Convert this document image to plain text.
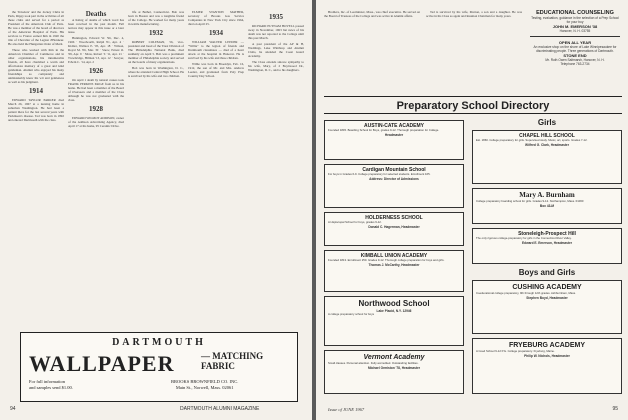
the Travelers' and the Jockey Clubs in Paris, Rippy took part in the activities of all these clubs and served for a period as President of the American Club of Paris. He was a member of the board of directors of the American Hospital of Paris. His services to France earned him in 1920 the title of Chevalier of the Legion d'Honneur. He also held the Hungarian Order of Merit.

Those who worked with him in the American Chamber of Commerce and in other organizations, his innumerable friends, all have cherished a warm and affectionate memory of a great and kind gentleman. Alumni who enjoyed his many friendships so completely and unmistakably knew his wit and gentleness as well as his judgment.

1914

EDWARD TAYLOR PARKER died March 26, 1967 at a nursing home in suburban Washington. He had been a patient there for the last several years with Parkinson's disease. Ted was born in 1892 and entered Dartmouth with the class.

Deaths

A listing of deaths of which word has been received in the past month. Full notices may appear in this issue or a later issue.

Huntington, Edward W. '96, Dec. 4, 1966 · Woodworth, Ralph '01, Apr. 4 · Kidder, Wallace E. '05, Apr. 18 · Wilson, Royal M. '06, Mar. 30 · Snow, Ernest O. '09, Apr. 9 · Shaw, Robert T. '11, Apr. 21 · Trowbridge, Hilman '13, Apr. 12 · Sawyer, Edwin C. '14, Apr. 2

1926

On April 1 death by natural causes took FRANK PERKINS PAIGE from us in his home. He had been a member of the Board of Overseers and a member of the Class although he was not graduated with the class.

1928

EDWARD WILMOT ADDISON, owner of the Addison Advertising Agency, died April 17 at his home, 95 Ceramic Drive.

life at Bethel, Connecticut. Bob was born in Boston and was a longtime friend of the College. He worked for many years in textile manufacturing.

1932

ROBERT COLEMAN, 56, vice-president and head of the Trust Division of The Philadelphia National Bank, died suddenly on April 5. Bob was a prominent member of Philadelphia society and served on the boards of many organizations.

Bob was born in Washington, D. C., where he attended Central High School. He is survived by his wife and two children.

ELMER STANTON MATHER, secretary of Brooks Gas Service Companies in New York City since 1964, died on April 25.

1934

WILLIAM WALTER LEEDER — "Willie" to the legion of friends and Dartmouth classmates — died of a heart attack at the hospital in Hanover. He is survived by his wife and three children.

Willie was born in Brooklyn, Feb. 16, 1912, the son of Mr. and Mrs. Andrew Leeder, and graduated from Poly Prep Country Day School.

1935

RICHARD PUTNAM HOVELL passed away in November, 1963 but news of his death was not reported to the College until this past March.

A past president of the AP & H, Weddings, Lake Winthrop and Alumni Clubs, he attended the Coast Guard Academy.

The Class extends sincere sympathy to his wife, Mary, of 2 Boynwood Dr., Washington, D. C., and to his daughters.

DARTMOUTH
WALLPAPER	— MATCHING FABRIC
For full information
and samples send $1.00.
BROOKS BROWNFIELD CO. INC.
Main St., Norwell, Mass. 02061
94	DARTMOUTH ALUMNI MAGAZINE

Brothers, Inc. of Leominster, Mass., was chief executive. He served on the Board of Trustees of the College and was active in Alumni affairs.

Ted is survived by his wife, Marion, a son and a daughter. He was active in his Class as agent and Reunion Chairman for many years.	EDUCATIONAL COUNSELING
Testing, evaluation, guidance in the selection of a Prep School for your boy
JOHN M. EMERSON '38
Hanover, N. H. 03755
OPEN ALL YEAR
An exclusive shop on the shore of Lake Winnipesaukee for discriminating people. Three generations of Dartmouth.
STONE END
Mr. Ruth Owen Saltmarsh, Hanover, N. H.
Telephone 763-2734
Preparatory School Directory
AUSTIN-CATE ACADEMY
Founded 1845. Boarding School for Boys, grades 9-12. Thorough preparation for College.
Headmaster
Cardigan Mountain School
For boys in Grades 6-9. College preparatory for selected students. Enrollment 165.
Address: Director of Admissions
HOLDERNESS SCHOOL
An Episcopal School for boys, grades 9-12.
Donald C. Hagerman, Headmaster
KIMBALL UNION ACADEMY
Founded 1813. Enrollment 250. Grades 9-12. Thorough college preparation for boys and girls.
Thomas J. McCarthy, Headmaster
Northwood School
Lake Placid, N.Y. 12946
A college preparatory school for boys
Vermont Academy
Small classes. Personal attention. Fully accredited. Outstanding facilities.
Michael Ormiston '78, Headmaster
Girls
CHAPEL HILL SCHOOL
Est. 1860. College preparatory for girls. Supervised study. Music, art, sports. Grades 7-12.
Wilfred G. Clark, Headmaster
Mary A. Burnham
College preparatory boarding school for girls. Grades 9-12. Northampton, Mass. 01060
Box 43-M
Stoneleigh-Prospect Hill
The only rigorous college-preparatory for girls in the Connecticut River Valley.
Edward E. Emerson, Headmaster
Boys and Girls
CUSHING ACADEMY
Coeducational college preparatory, 9th through 12th grades. Ashburnham, Mass.
Stephen Boyd, Headmaster
FRYEBURG ACADEMY
A Coed School 9-12 P.G. College preparatory. Fryeburg, Maine.
Philip W. Nichols, Headmaster
Issue of JUNE 1967	95
